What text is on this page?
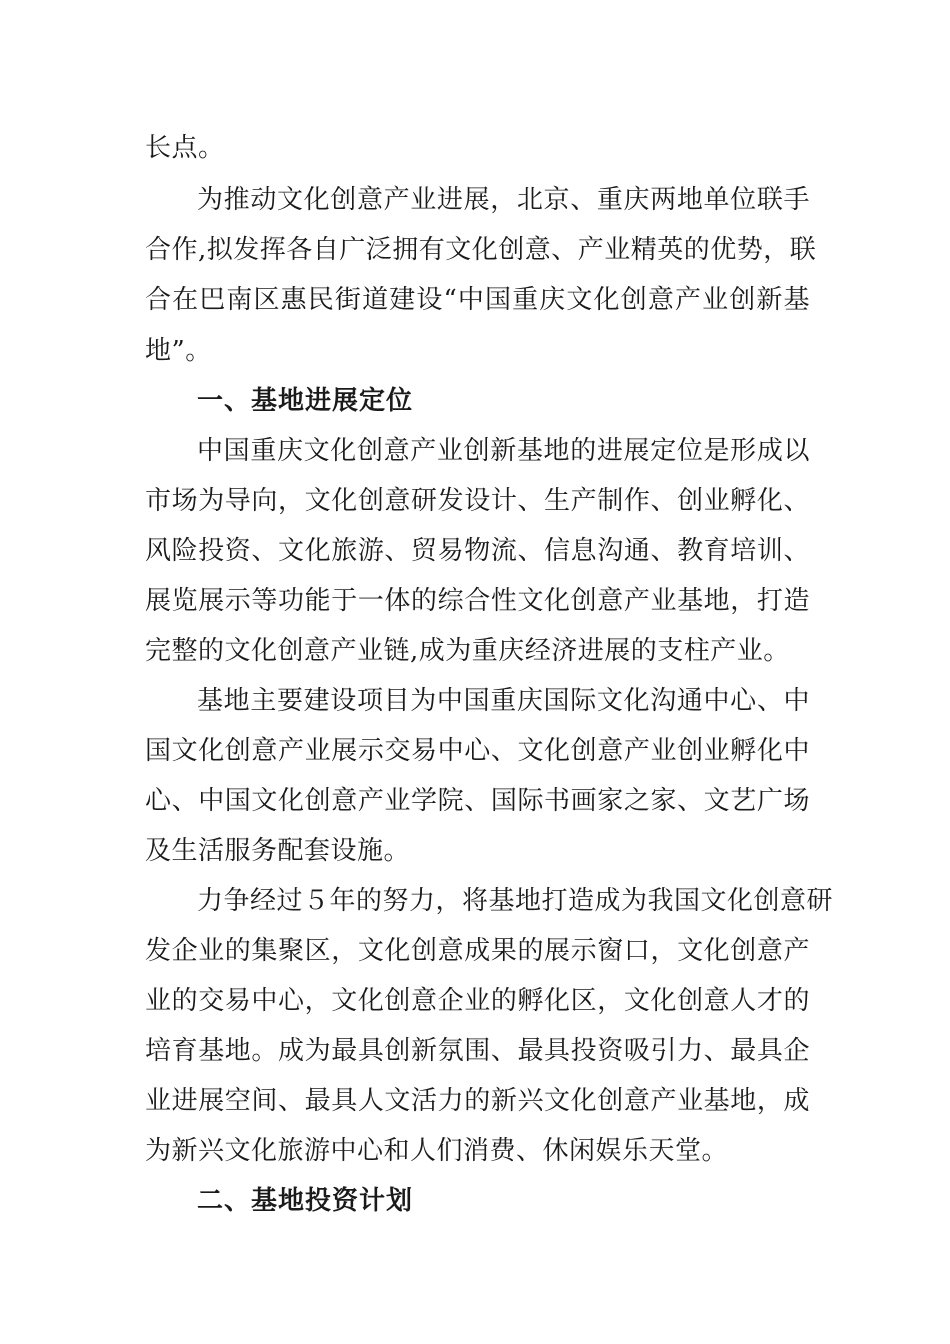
长点。
为推动文化创意产业进展，北京、重庆两地单位联手
合作,拟发挥各自广泛拥有文化创意、产业精英的优势，联
合在巴南区惠民街道建设“中国重庆文化创意产业创新基
地”。
一、基地进展定位
中国重庆文化创意产业创新基地的进展定位是形成以
市场为导向，文化创意研发设计、生产制作、创业孵化、
风险投资、文化旅游、贸易物流、信息沟通、教育培训、
展览展示等功能于一体的综合性文化创意产业基地，打造
完整的文化创意产业链,成为重庆经济进展的支柱产业。
基地主要建设项目为中国重庆国际文化沟通中心、中
国文化创意产业展示交易中心、文化创意产业创业孵化中
心、中国文化创意产业学院、国际书画家之家、文艺广场
及生活服务配套设施。
力争经过５年的努力，将基地打造成为我国文化创意研
发企业的集聚区，文化创意成果的展示窗口，文化创意产
业的交易中心，文化创意企业的孵化区，文化创意人才的
培育基地。成为最具创新氛围、最具投资吸引力、最具企
业进展空间、最具人文活力的新兴文化创意产业基地，成
为新兴文化旅游中心和人们消费、休闲娱乐天堂。
二、基地投资计划
